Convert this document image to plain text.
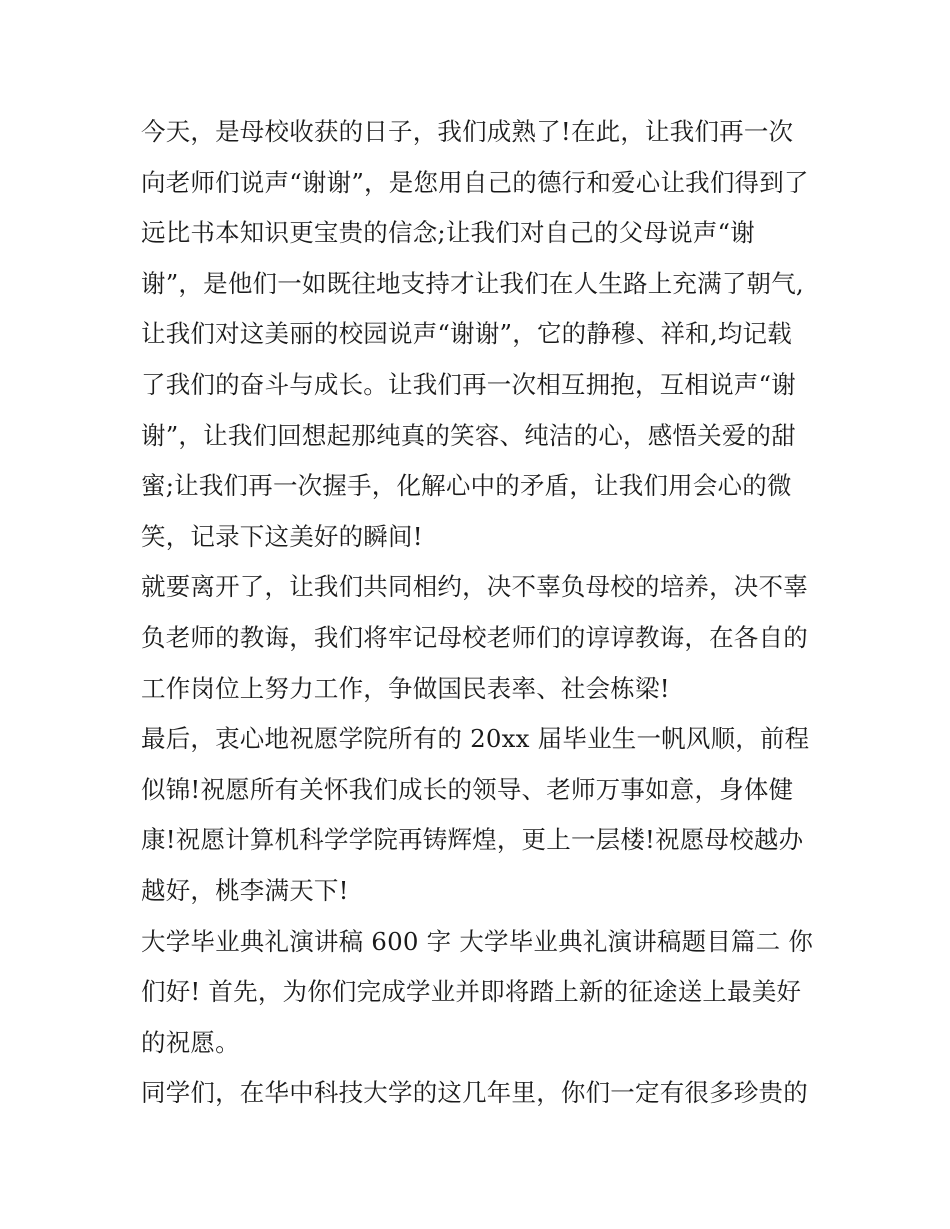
今天，是母校收获的日子，我们成熟了!在此，让我们再一次
向老师们说声“谢谢”，是您用自己的德行和爱心让我们得到了
远比书本知识更宝贵的信念;让我们对自己的父母说声“谢
谢”，是他们一如既往地支持才让我们在人生路上充满了朝气,
让我们对这美丽的校园说声“谢谢”，它的静穆、祥和,均记载
了我们的奋斗与成长。让我们再一次相互拥抱，互相说声“谢
谢”，让我们回想起那纯真的笑容、纯洁的心，感悟关爱的甜
蜜;让我们再一次握手，化解心中的矛盾，让我们用会心的微
笑，记录下这美好的瞬间!
就要离开了，让我们共同相约，决不辜负母校的培养，决不辜
负老师的教诲，我们将牢记母校老师们的谆谆教诲，在各自的
工作岗位上努力工作，争做国民表率、社会栋梁!
最后，衷心地祝愿学院所有的 20xx 届毕业生一帆风顺，前程
似锦!祝愿所有关怀我们成长的领导、老师万事如意，身体健
康!祝愿计算机科学学院再铸辉煌，更上一层楼!祝愿母校越办
越好，桃李满天下!
大学毕业典礼演讲稿 600 字 大学毕业典礼演讲稿题目篇二 你
们好! 首先，为你们完成学业并即将踏上新的征途送上最美好
的祝愿。
同学们，在华中科技大学的这几年里，你们一定有很多珍贵的
